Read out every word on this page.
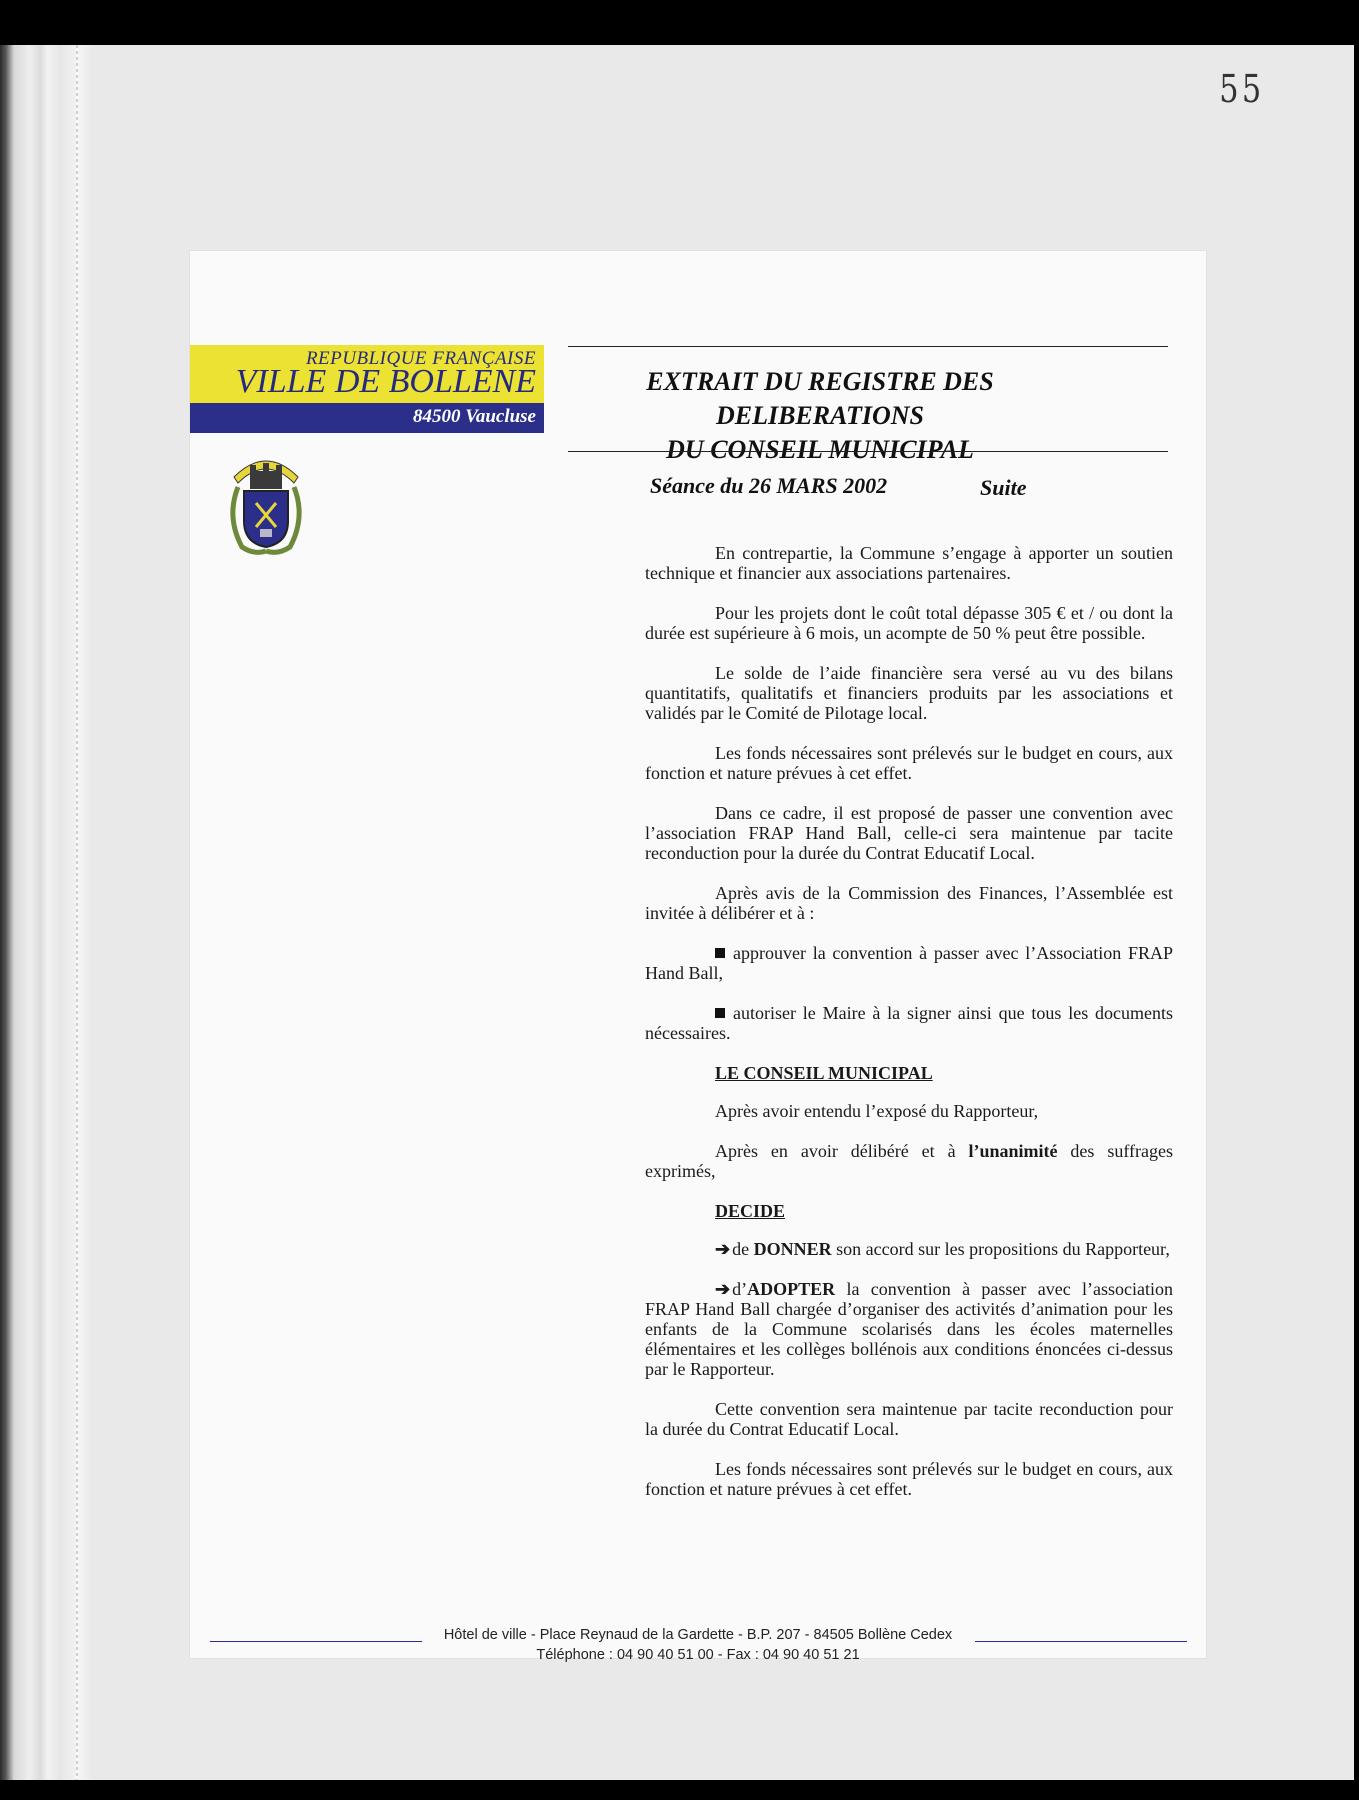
55
REPUBLIQUE FRANÇAISE
VILLE DE BOLLENE
84500 Vaucluse
EXTRAIT DU REGISTRE DES DELIBERATIONS
DU CONSEIL MUNICIPAL
Séance du 26 MARS 2002	Suite

En contrepartie, la Commune s’engage à apporter un soutien technique et financier aux associations partenaires.

Pour les projets dont le coût total dépasse 305 € et / ou dont la durée est supérieure à 6 mois, un acompte de 50 % peut être possible.

Le solde de l’aide financière sera versé au vu des bilans quantitatifs, qualitatifs et financiers produits par les associations et validés par le Comité de Pilotage local.

Les fonds nécessaires sont prélevés sur le budget en cours, aux fonction et nature prévues à cet effet.

Dans ce cadre, il est proposé de passer une convention avec l’association FRAP Hand Ball, celle-ci sera maintenue par tacite reconduction pour la durée du Contrat Educatif Local.

Après avis de la Commission des Finances, l’Assemblée est invitée à délibérer et à :

approuver la convention à passer avec l’Association FRAP Hand Ball,

autoriser le Maire à la signer ainsi que tous les documents nécessaires.

LE CONSEIL MUNICIPAL

Après avoir entendu l’exposé du Rapporteur,

Après en avoir délibéré et à l’unanimité des suffrages exprimés,

DECIDE

➔ de DONNER son accord sur les propositions du Rapporteur,

➔ d’ADOPTER la convention à passer avec l’association FRAP Hand Ball chargée d’organiser des activités d’animation pour les enfants de la Commune scolarisés dans les écoles maternelles élémentaires et les collèges bollénois aux conditions énoncées ci-dessus par le Rapporteur.

Cette convention sera maintenue par tacite reconduction pour la durée du Contrat Educatif Local.

Les fonds nécessaires sont prélevés sur le budget en cours, aux fonction et nature prévues à cet effet.

Hôtel de ville - Place Reynaud de la Gardette - B.P. 207 - 84505 Bollène Cedex
Téléphone : 04 90 40 51 00 - Fax : 04 90 40 51 21
